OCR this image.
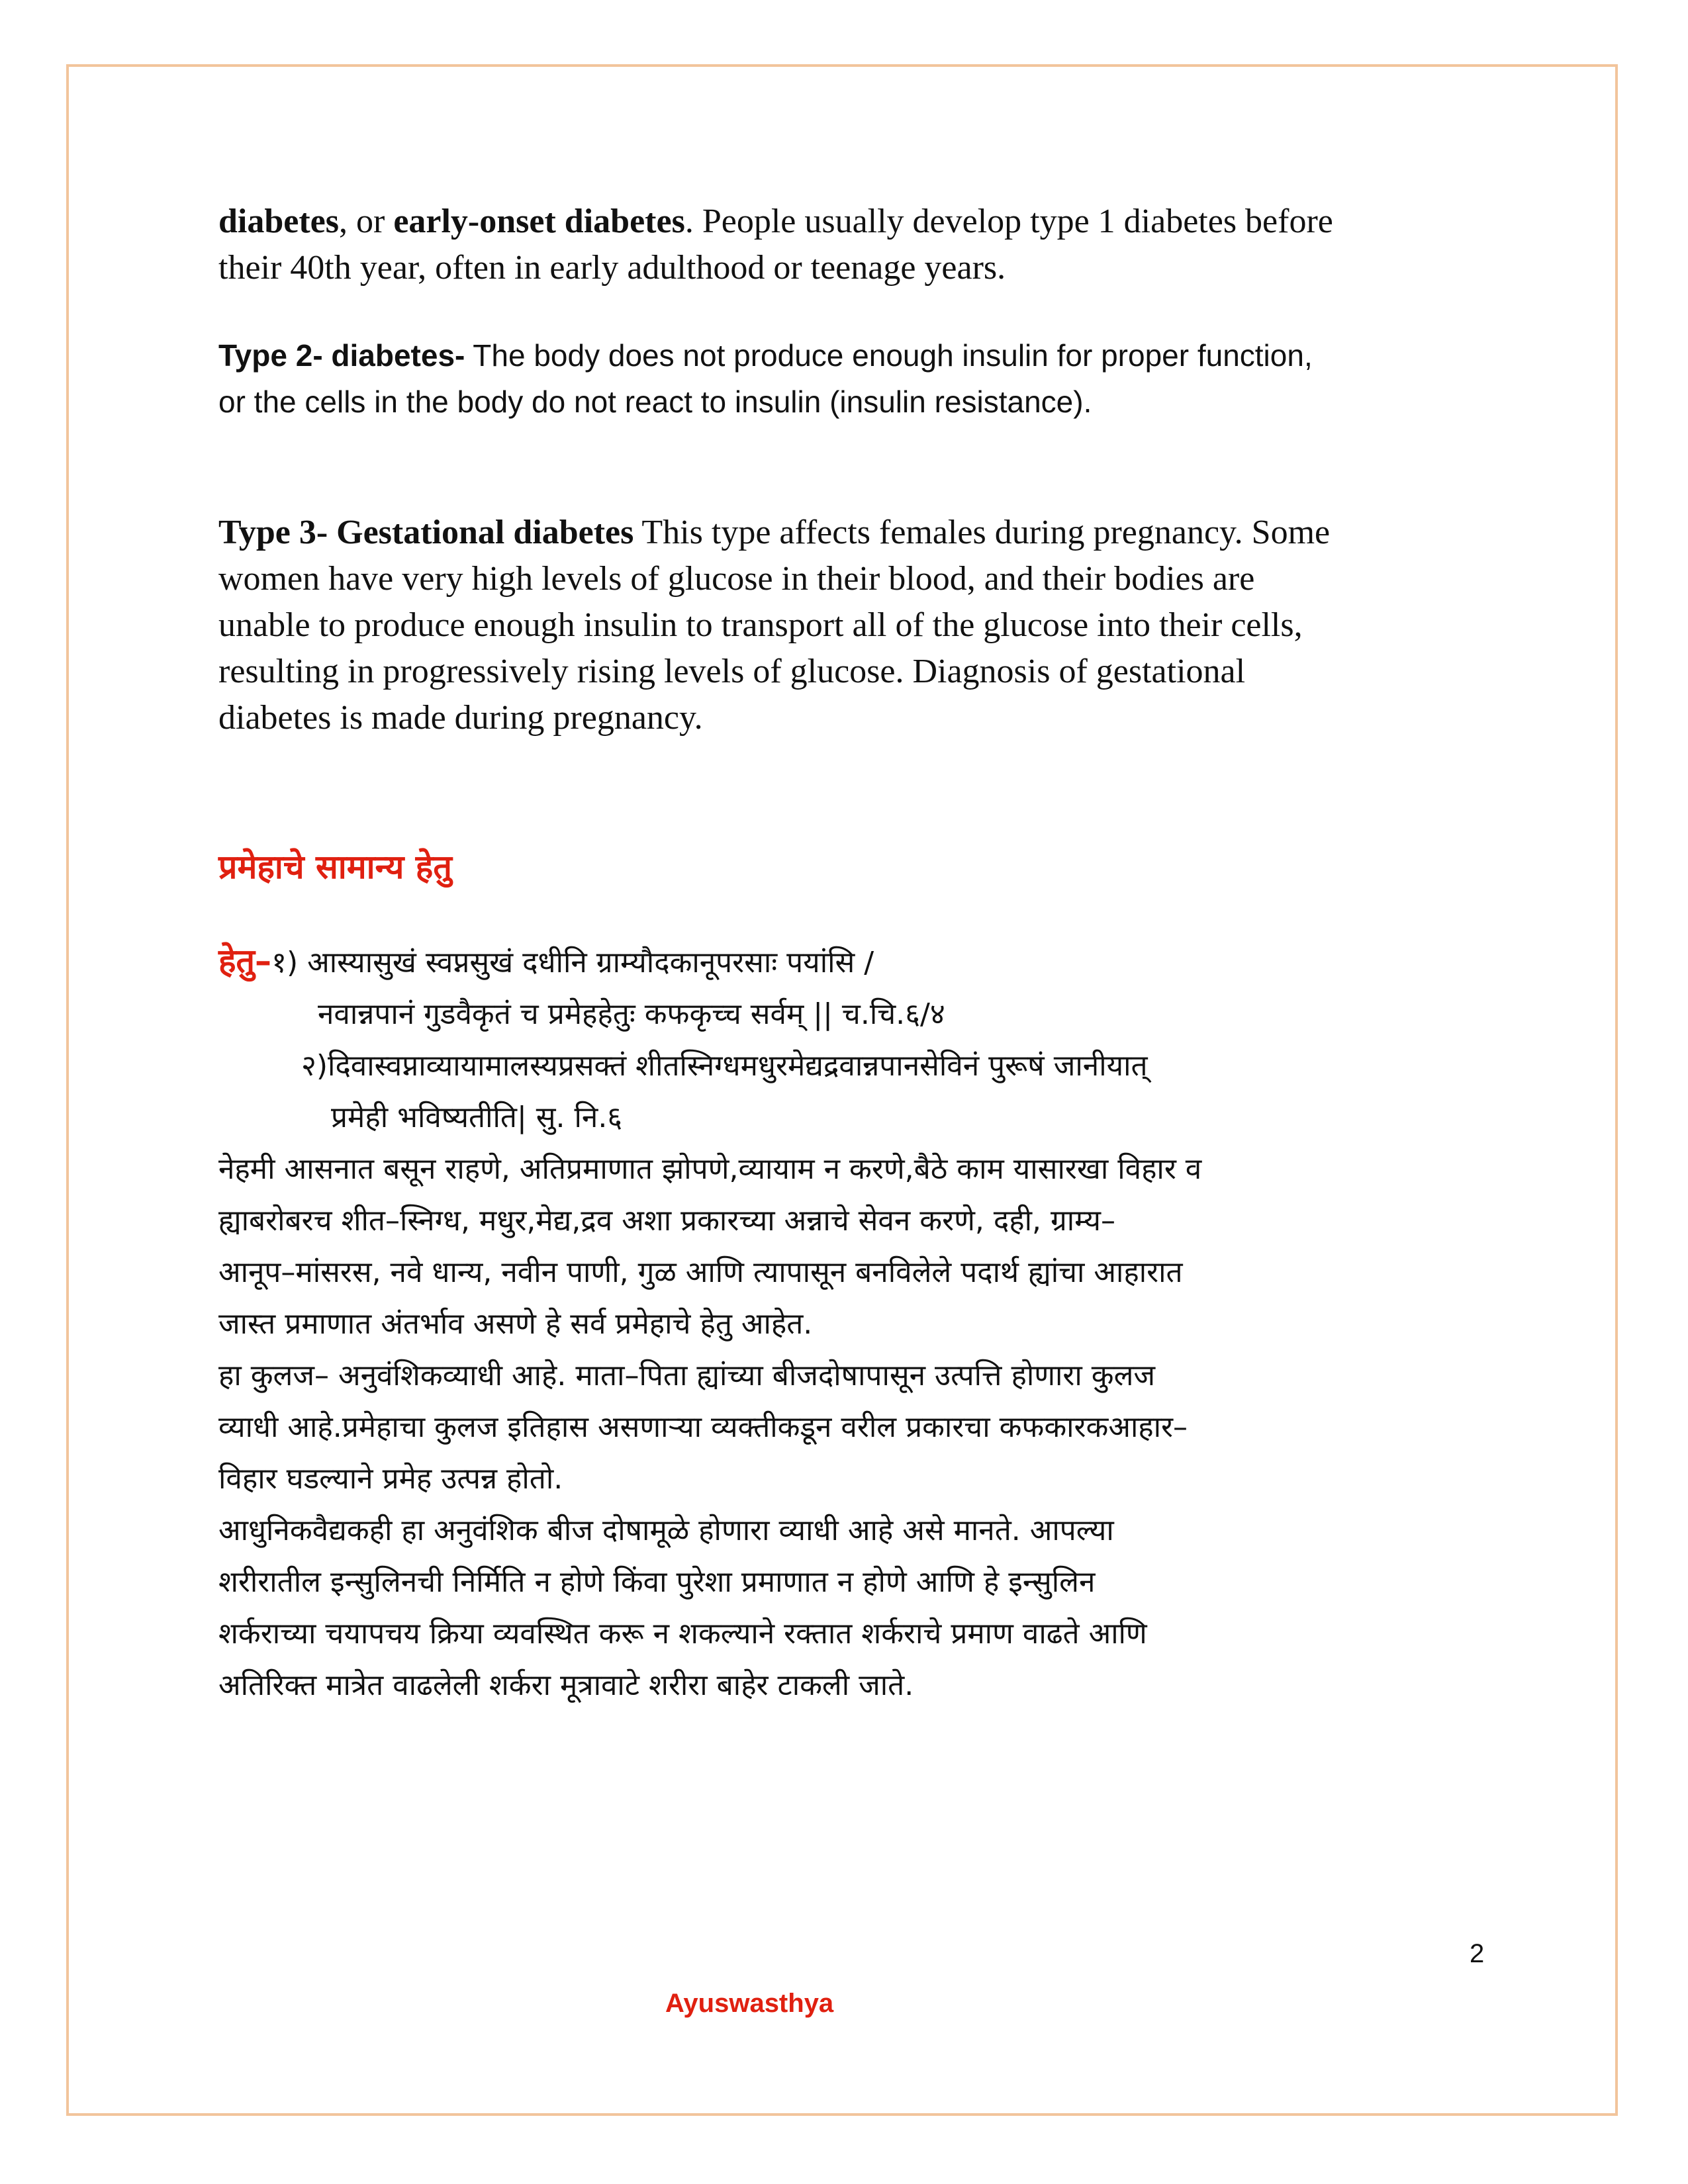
diabetes, or early-onset diabetes. People usually develop type 1 diabetes before
their 40th year, often in early adulthood or teenage years.
Type 2- diabetes- The body does not produce enough insulin for proper function,
or the cells in the body do not react to insulin (insulin resistance).
Type 3- Gestational diabetes This type affects females during pregnancy. Some
women have very high levels of glucose in their blood, and their bodies are
unable to produce enough insulin to transport all of the glucose into their cells,
resulting in progressively rising levels of glucose. Diagnosis of gestational
diabetes is made during pregnancy.
प्रमेहाचे सामान्य हेतु
हेतु–१) आस्यासुखं स्वप्नसुखं दधीनि ग्राम्यौदकानूपरसाः पयांसि /
नवान्नपानं गुडवैकृतं च प्रमेहहेतुः कफकृच्च सर्वम् || च.चि.६/४
२)दिवास्वप्नाव्यायामालस्यप्रसक्तं शीतस्निग्धमधुरमेद्यद्रवान्नपानसेविनं पुरूषं जानीयात्
प्रमेही भविष्यतीति| सु. नि.६
नेहमी आसनात बसून राहणे, अतिप्रमाणात झोपणे,व्यायाम न करणे,बैठे काम यासारखा विहार व
ह्याबरोबरच शीत–स्निग्ध, मधुर,मेद्य,द्रव अशा प्रकारच्या अन्नाचे सेवन करणे, दही, ग्राम्य–
आनूप–मांसरस, नवे धान्य, नवीन पाणी, गुळ आणि त्यापासून बनविलेले पदार्थ ह्यांचा आहारात
जास्त प्रमाणात अंतर्भाव असणे हे सर्व प्रमेहाचे हेतु आहेत.
हा कुलज– अनुवंशिकव्याधी आहे. माता–पिता ह्यांच्या बीजदोषापासून उत्पत्ति होणारा कुलज
व्याधी आहे.प्रमेहाचा कुलज इतिहास असणाऱ्या व्यक्तीकडून वरील प्रकारचा कफकारकआहार–
विहार घडल्याने प्रमेह उत्पन्न होतो.
आधुनिकवैद्यकही हा अनुवंशिक बीज दोषामूळे होणारा व्याधी आहे असे मानते. आपल्या
शरीरातील इन्सुलिनची निर्मिति न होणे किंवा पुरेशा प्रमाणात न होणे आणि हे इन्सुलिन
शर्कराच्या चयापचय क्रिया व्यवस्थित करू न शकल्याने रक्तात शर्कराचे प्रमाण वाढते आणि
अतिरिक्त मात्रेत वाढलेली शर्करा मूत्रावाटे शरीरा बाहेर टाकली जाते.
2
Ayuswasthya
